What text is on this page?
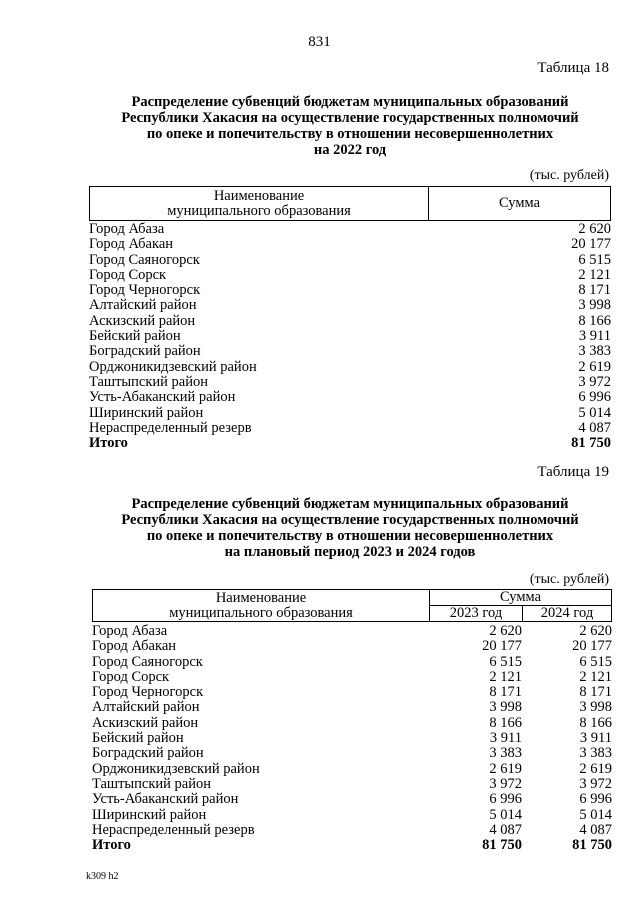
831
Таблица 18
Распределение субвенций бюджетам муниципальных образований
Республики Хакасия на осуществление государственных полномочий
по опеке и попечительству в отношении несовершеннолетних
на 2022 год
(тыс. рублей)
Наименование
муниципального образования	Сумма
Город Абаза	2 620
Город Абакан	20 177
Город Саяногорск	6 515
Город Сорск	2 121
Город Черногорск	8 171
Алтайский район	3 998
Аскизский район	8 166
Бейский район	3 911
Боградский район	3 383
Орджоникидзевский район	2 619
Таштыпский район	3 972
Усть-Абаканский район	6 996
Ширинский район	5 014
Нераспределенный резерв	4 087
Итого	81 750
Таблица 19
Распределение субвенций бюджетам муниципальных образований
Республики Хакасия на осуществление государственных полномочий
по опеке и попечительству в отношении несовершеннолетних
на плановый период 2023 и 2024 годов
(тыс. рублей)
Наименование
муниципального образования	Сумма	
	2023 год	2024 год
Город Абаза	2 620	2 620
Город Абакан	20 177	20 177
Город Саяногорск	6 515	6 515
Город Сорск	2 121	2 121
Город Черногорск	8 171	8 171
Алтайский район	3 998	3 998
Аскизский район	8 166	8 166
Бейский район	3 911	3 911
Боградский район	3 383	3 383
Орджоникидзевский район	2 619	2 619
Таштыпский район	3 972	3 972
Усть-Абаканский район	6 996	6 996
Ширинский район	5 014	5 014
Нераспределенный резерв	4 087	4 087
Итого	81 750	81 750
k309 h2
